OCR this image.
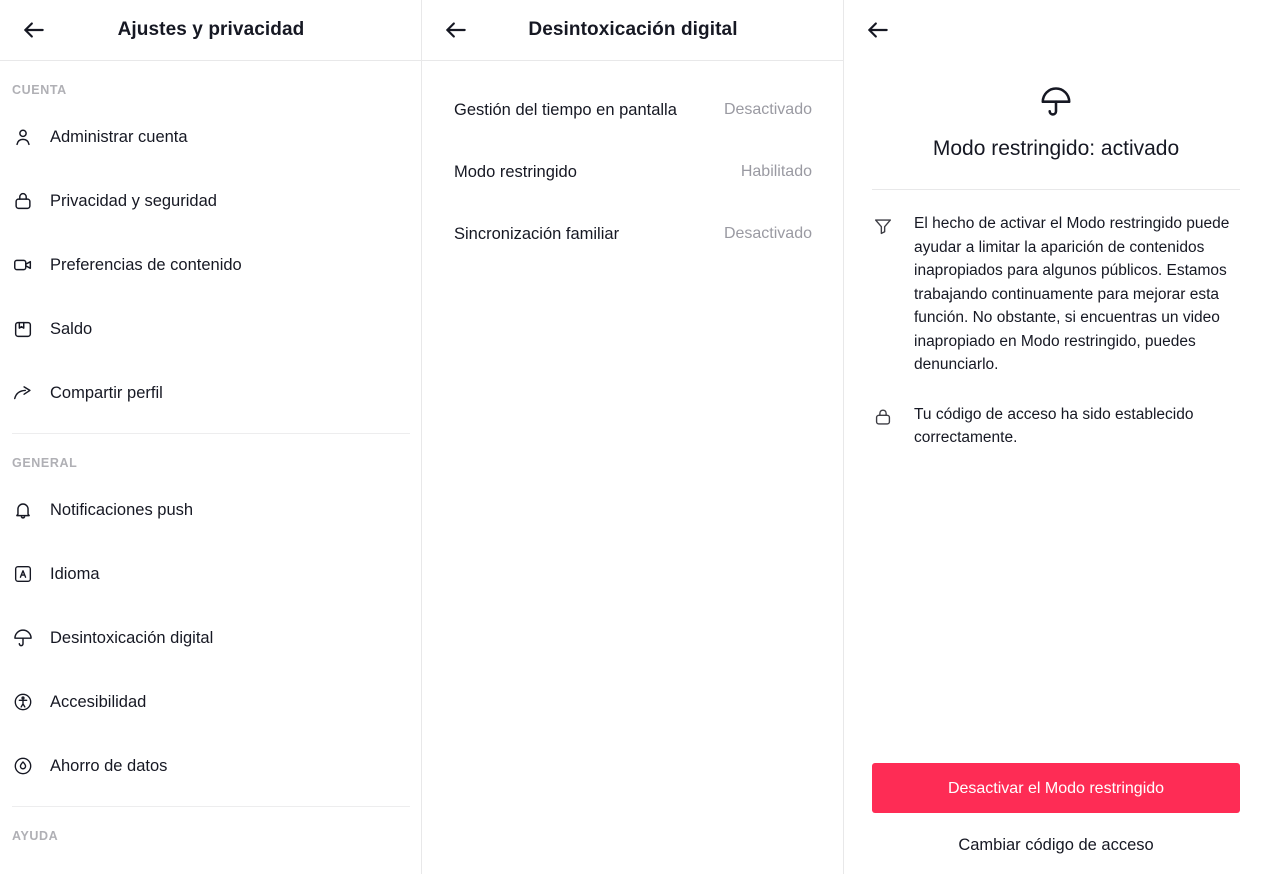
Ajustes y privacidad
CUENTA
Administrar cuenta
Privacidad y seguridad
Preferencias de contenido
Saldo
Compartir perfil
GENERAL
Notificaciones push
Idioma
Desintoxicación digital
Accesibilidad
Ahorro de datos
AYUDA
Desintoxicación digital
Gestión del tiempo en pantalla	Desactivado
Modo restringido	Habilitado
Sincronización familiar	Desactivado
Modo restringido: activado
El hecho de activar el Modo restringido puede ayudar a limitar la aparición de contenidos inapropiados para algunos públicos. Estamos trabajando continuamente para mejorar esta función. No obstante, si encuentras un video inapropiado en Modo restringido, puedes denunciarlo.
Tu código de acceso ha sido establecido correctamente.
Desactivar el Modo restringido
Cambiar código de acceso
